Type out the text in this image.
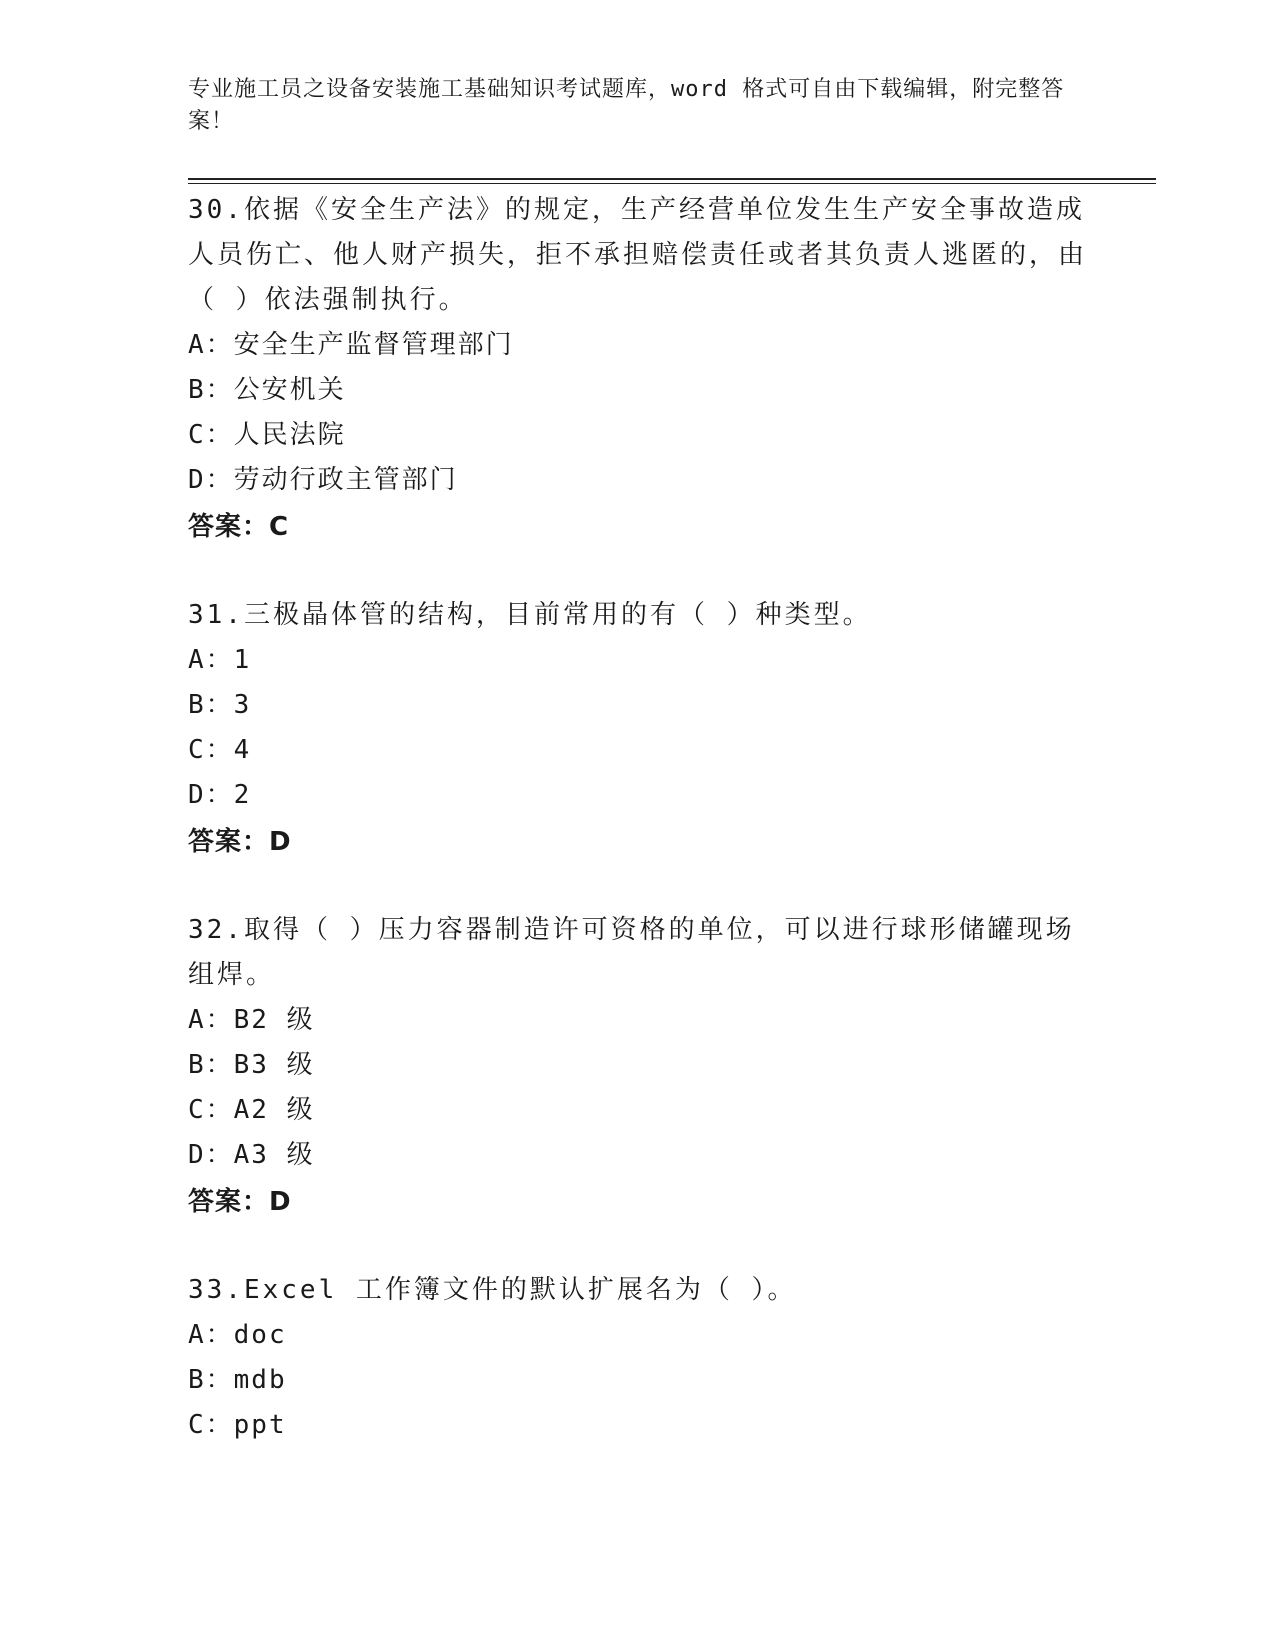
专业施工员之设备安装施工基础知识考试题库，word 格式可自由下载编辑，附完整答案！

30.依据《安全生产法》的规定，生产经营单位发生生产安全事故造成人员伤亡、他人财产损失，拒不承担赔偿责任或者其负责人逃匿的，由（ ）依法强制执行。

A：安全生产监督管理部门

B：公安机关

C：人民法院

D：劳动行政主管部门

答案：C

31.三极晶体管的结构，目前常用的有（ ）种类型。

A：1

B：3

C：4

D：2

答案：D

32.取得（ ）压力容器制造许可资格的单位，可以进行球形储罐现场组焊。

A：B2 级

B：B3 级

C：A2 级

D：A3 级

答案：D

33.Excel 工作簿文件的默认扩展名为（ ）。

A：doc

B：mdb

C：ppt
